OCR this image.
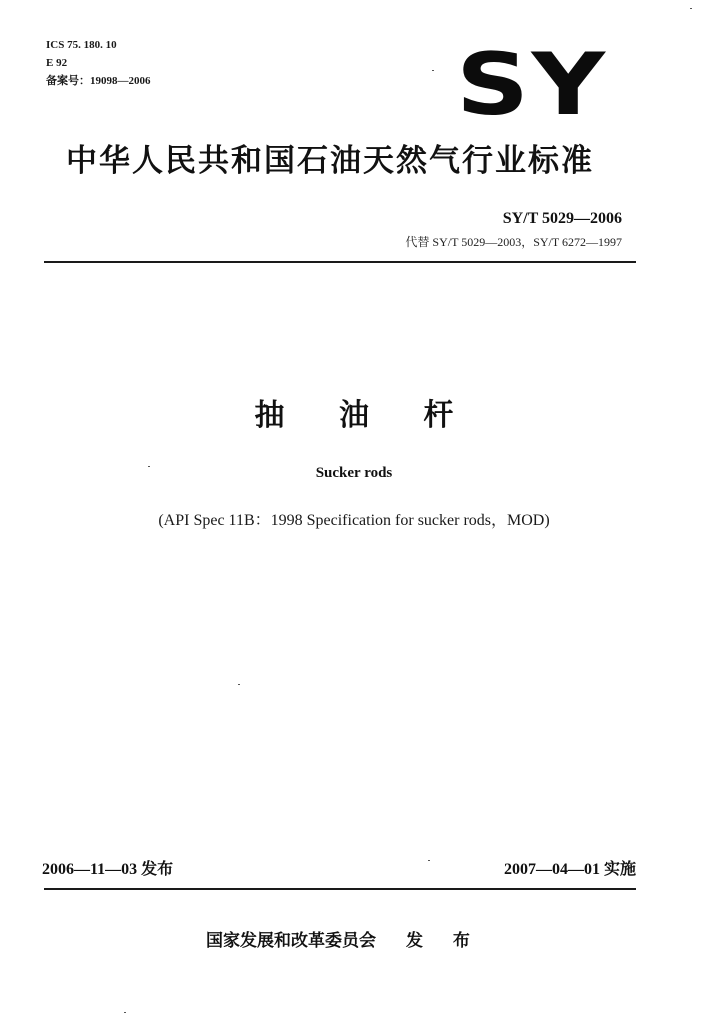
ICS 75. 180. 10
E 92
备案号：19098—2006	SY
中华人民共和国石油天然气行业标准
SY/T 5029—2006
代替 SY/T 5029—2003，SY/T 6272—1997
抽 油 杆
Sucker rods
(API Spec 11B：1998 Specification for sucker rods，MOD)
2006—11—03 发布	2007—04—01 实施
国家发展和改革委员会 发 布
